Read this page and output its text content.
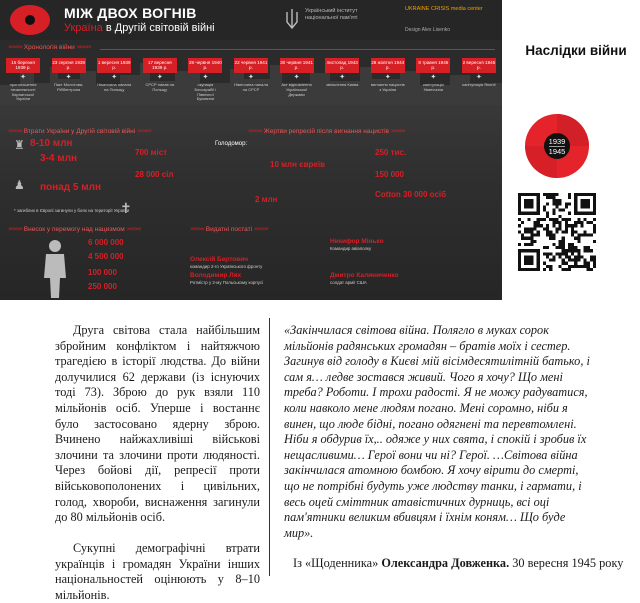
МІЖ ДВОХ ВОГНІВ
Україна в Другій світовій війні
Український інститут національної пам'яті
UKRAINE CRISIS media center
Design Alex Lisenko
××××× Хронологія війни ×××××
15 березня 1939 р.
✦
проголошення незалежності Карпатської України
23 серпня 1939 р.
✦
Пакт Молотова-Ріббентропа
1 вересня 1939 р.
✦
Німеччина напала на Польщу
17 вересня 1939 р.
✦
СРСР напав на Польщу
28 червня 1940 р.
✦
окупація Бессарабії і Північної Буковини
22 червня 1941 р.
✦
Німеччина напала на СРСР
30 червня 1941 р.
✦
Акт відновлення Української Держави
листопад 1943 р.
✦
звільнення Києва
28 жовтня 1944 р.
✦
вигнання нацистів з України
8 травня 1945 р.
✦
капітуляція Німеччини
2 вересня 1945 р.
✦
капітуляція Японії
××××× Втрати України у Другій світовій війні ×××××	××××× Жертви репресій після вигнання нацистів ×××××
♜ 8-10 млн
3-4 млн
♟ понад 5 млн
700 міст
28 000 сіл
Голодомор:
10 млн євреїв
2 млн
* загиблих в Європі загинули у боях на території України
✝
250 тис.
150 000
Cotton 30 000 осіб
××××× Внесок у перемогу над нацизмом ×××××	××××× Видатні постаті ×××××
6 000 000
4 500 000
100 000
250 000
Никифор Мінько
Командир авіаполку
Олексій Бертович
командир 2-го Українського фронту
Володимир Лях
Ротмістр у 2-му Польському корпусі
Дмитро Калиниченко
солдат армії США
Наслідки війни
1939
1945

Друга світова стала найбільшим збройним конфліктом і найтяжчою трагедією в історії людства. До війни долучилися 62 держави (із існуючих тоді 73). Зброю до рук взяли 110 мільйонів осіб. Уперше і востаннє було застосовано ядерну зброю. Вчинено найжахливіші військові злочини та злочини проти людяності. Через бойові дії, репресії проти військовополонених і цивільних, голод, хвороби, виснаження загинули до 80 мільйонів осіб.

Сукупні демографічні втрати українців і громадян України інших національностей оцінюють у 8–10 мільйонів.

«Закінчилася світова війна. Полягло в муках сорок мільйонів радянських громадян – братів моїх і сестер. Загинув від голоду в Києві мій вісімдесятилітній батько, і сам я… ледве зостався живий. Чого я хочу? Що мені треба? Роботи. І трохи радості. Я не можу радуватися, коли навколо мене людям погано. Мені соромно, ніби я винен, що люде бідні, погано одягнені та перевтомлені. Ніби я обдурив їх,.. одяже у них свята, і спокій і зробив їх нещасливими… Герої вони чи ні? Герої. …Світова війна закінчилася атомною бомбою. Я хочу вірити до смерті, що не потрібні будуть уже людству танки, і гармати, і весь оцей сміттник атавістичних дурниць, всі оці пам'ятники великим вбивцям і їхнім коням… Що буде мир».

Із «Щоденника» Олександра Довженка. 30 вересня 1945 року
